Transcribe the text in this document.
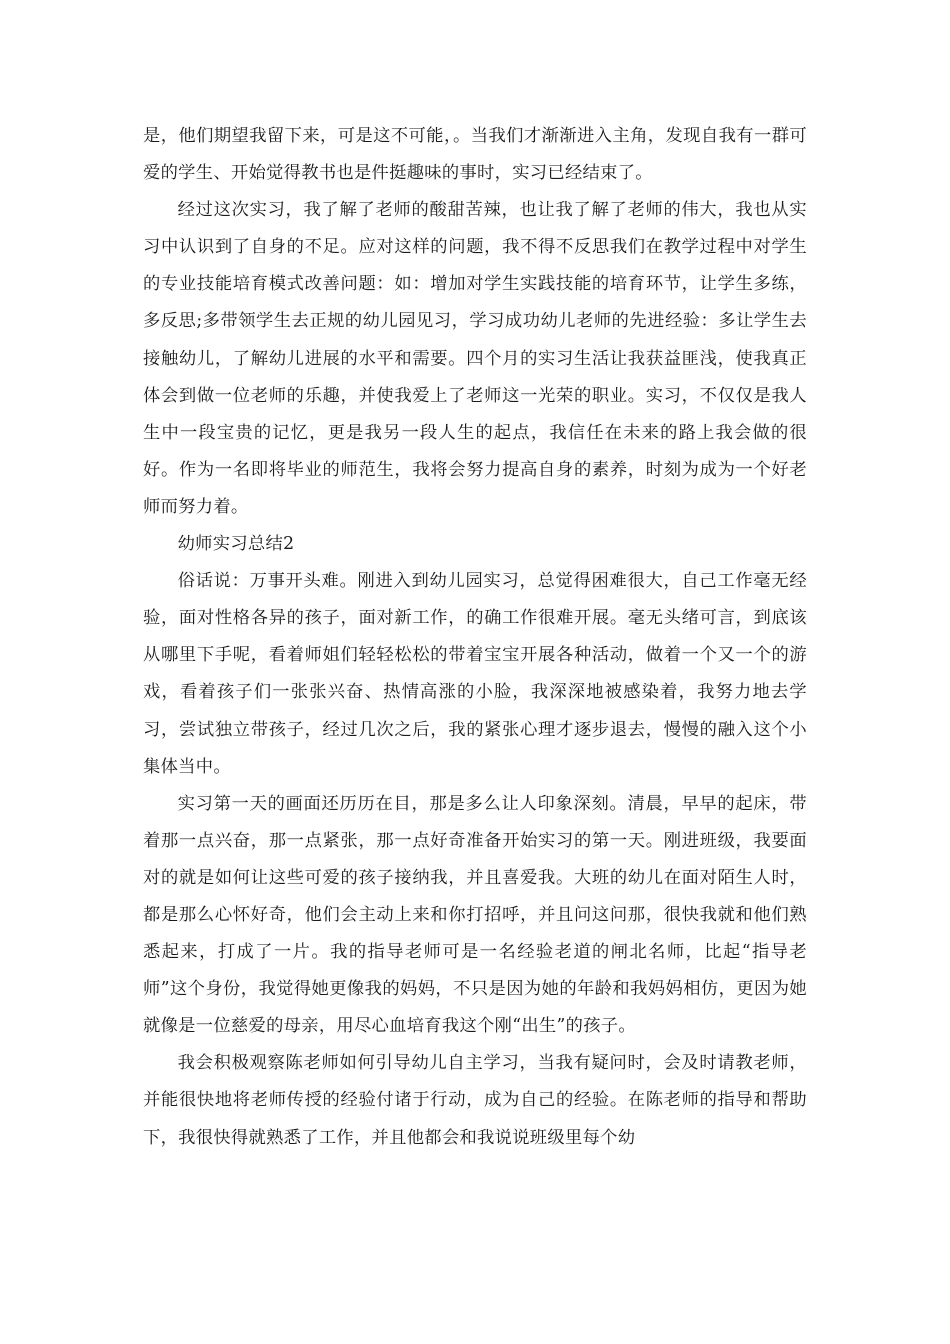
是，他们期望我留下来，可是这不可能，。当我们才渐渐进入主角，发现自我有一群可爱的学生、开始觉得教书也是件挺趣味的事时，实习已经结束了。

经过这次实习，我了解了老师的酸甜苦辣，也让我了解了老师的伟大，我也从实习中认识到了自身的不足。应对这样的问题，我不得不反思我们在教学过程中对学生的专业技能培育模式改善问题：如：增加对学生实践技能的培育环节，让学生多练，多反思;多带领学生去正规的幼儿园见习，学习成功幼儿老师的先进经验：多让学生去接触幼儿，了解幼儿进展的水平和需要。四个月的实习生活让我获益匪浅，使我真正体会到做一位老师的乐趣，并使我爱上了老师这一光荣的职业。实习，不仅仅是我人生中一段宝贵的记忆，更是我另一段人生的起点，我信任在未来的路上我会做的很好。作为一名即将毕业的师范生，我将会努力提高自身的素养，时刻为成为一个好老师而努力着。

幼师实习总结2

俗话说：万事开头难。刚进入到幼儿园实习，总觉得困难很大，自己工作毫无经验，面对性格各异的孩子，面对新工作，的确工作很难开展。毫无头绪可言，到底该从哪里下手呢，看着师姐们轻轻松松的带着宝宝开展各种活动，做着一个又一个的游戏，看着孩子们一张张兴奋、热情高涨的小脸，我深深地被感染着，我努力地去学习，尝试独立带孩子，经过几次之后，我的紧张心理才逐步退去，慢慢的融入这个小集体当中。

实习第一天的画面还历历在目，那是多么让人印象深刻。清晨，早早的起床，带着那一点兴奋，那一点紧张，那一点好奇准备开始实习的第一天。刚进班级，我要面对的就是如何让这些可爱的孩子接纳我，并且喜爱我。大班的幼儿在面对陌生人时，都是那么心怀好奇，他们会主动上来和你打招呼，并且问这问那，很快我就和他们熟悉起来，打成了一片。我的指导老师可是一名经验老道的闸北名师，比起“指导老师”这个身份，我觉得她更像我的妈妈，不只是因为她的年龄和我妈妈相仿，更因为她就像是一位慈爱的母亲，用尽心血培育我这个刚“出生”的孩子。

我会积极观察陈老师如何引导幼儿自主学习，当我有疑问时，会及时请教老师，并能很快地将老师传授的经验付诸于行动，成为自己的经验。在陈老师的指导和帮助下，我很快得就熟悉了工作，并且他都会和我说说班级里每个幼
